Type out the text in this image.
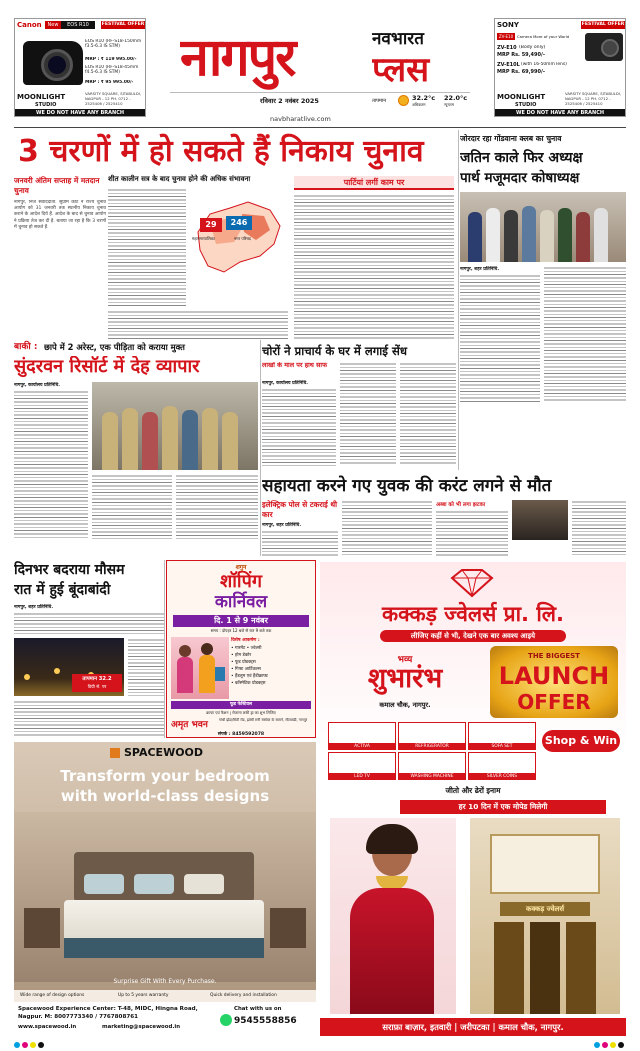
Canon	New	EOS R10	FESTIVAL OFFER
EOS R10 (RF-S18-150mm f3.5-6.3 IS STM)
MRP : ₹ 119 995.00/-
EOS R10 (RF-S18-45mm f4.5-6.3 IS STM)
MRP : ₹ 95 995.00/-
MOONLIGHT
STUDIO
VARSITY SQUARE, SITABULDI, NAGPUR - 12 PH. 0712 - 2525406 / 2525410
WE DO NOT HAVE ANY BRANCH
SONY	FESTIVAL OFFER
ZV-E10	Camera More of your World
ZV-E10 (Body only)
MRP Rs. 59,490/-
ZV-E10L (with 16-50mm lens)
MRP Rs. 69,990/-
MOONLIGHT
STUDIO
VARSITY SQUARE, SITABULDI, NAGPUR - 12 PH. 0712 - 2525406 / 2525410
WE DO NOT HAVE ANY BRANCH
नागपुर	नवभारत
प्लस
रविवार 2 नवंबर 2025	तापमान	32.2°c
अधिकतम
22.0°c
न्यूनतम
navbharatlive.com
3 चरणों में हो सकते हैं निकाय चुनाव
जनवरी अंतिम सप्ताह में मतदान चुनाव
शीत कालीन सत्र के बाद चुनाव होने की अधिक संभावना	पार्टियां लगीं काम पर
नागपुर, निज संवाददाता. सुप्रीम कोर्ट ने राज्य चुनाव आयोग को 31 जनवरी तक स्थानीय निकाय चुनाव कराने के आदेश दिये हैं. आदेश के बाद से चुनाव आयोग ने प्रक्रिया तेज कर दी है. बताया जा रहा है कि 3 चरणों में चुनाव हो सकते हैं.	29	246
महानगरपालिका	नगर परिषद
जोरदार रहा गोंडवाना क्लब का चुनाव
जतिन काले फिर अध्यक्ष
पार्थ मजूमदार कोषाध्यक्ष
नागपुर, शहर प्रतिनिधि.
बाकी : छापे में 2 अरेस्ट, एक पीड़िता को कराया मुक्त
सुंदरवन रिसॉर्ट में देह व्यापार
नागपुर, कार्यालय प्रतिनिधि.
चोरों ने प्राचार्य के घर में लगाई सेंध
लाखों के माल पर हाथ साफ
नागपुर, कार्यालय प्रतिनिधि.
सहायता करने गए युवक की करंट लगने से मौत
इलेक्ट्रिक पोल से टकराई थी कार
नागपुर, शहर प्रतिनिधि.
अब्बा को भी लगा झटका
दिनभर बदराया मौसम
रात में हुई बूंदाबांदी
नागपुर, शहर प्रतिनिधि.
तापमान 32.2
डिग्री से. पर
शगुन
शॉपिंग
कार्निवल
दि. 1 से 9 नवंबर
समय : दोपहर 12 बजे से रात 9 बजे तक
विशेष आकर्षण :
• गारमेंट • ज्वेलरी
• होम डेकोर
• फूड प्रोडक्ट्स
• गिफ्ट आर्टिकल्स
• हैंडलूम एवं हैंडीक्राफ्ट
• कॉस्मेटिक प्रोडक्ट्स
फूड फेस्टिवल
क्राफ्ट एवं फैशन | रोजाना लकी ड्रा का शुभ लिजिए
अमृत भवन	गांधी झेंडा/सिटी रोड, झांसी रानी स्क्वेयर के सामने, सीताबर्डी, नागपुर
संपर्क : 8459592078
कक्कड़ ज्वेलर्स प्रा. लि.
लीजिए कहीं से भी, देखने एक बार अवश्य आइये
भव्य
शुभारंभ
कमाल चौक, नागपुर.
THE BIGGEST
LAUNCH
OFFER
ACTIVA	REFRIGERATOR	SOFA SET
LED TV	WASHING MACHINE	SILVER COINS
Shop & Win
जीतो और ढेरों इनाम
हर 10 दिन में एक मोपेड मिलेगी
कक्कड़ ज्वेलर्स
सराफ़ा बाज़ार, इतवारी | जरीपटका | कमाल चौक, नागपुर.
SPACEWOOD
Transform your bedroom
with world-class designs
Surprise Gift With Every Purchase.
Wide range of design options	Up to 5 years warranty	Quick delivery and installation
Spacewood Experience Center: T-48, MIDC, Hingna Road, Nagpur. M: 8007773340 / 7767808761
www.spacewood.in	marketing@spacewood.in
Chat with us on
9545558856
